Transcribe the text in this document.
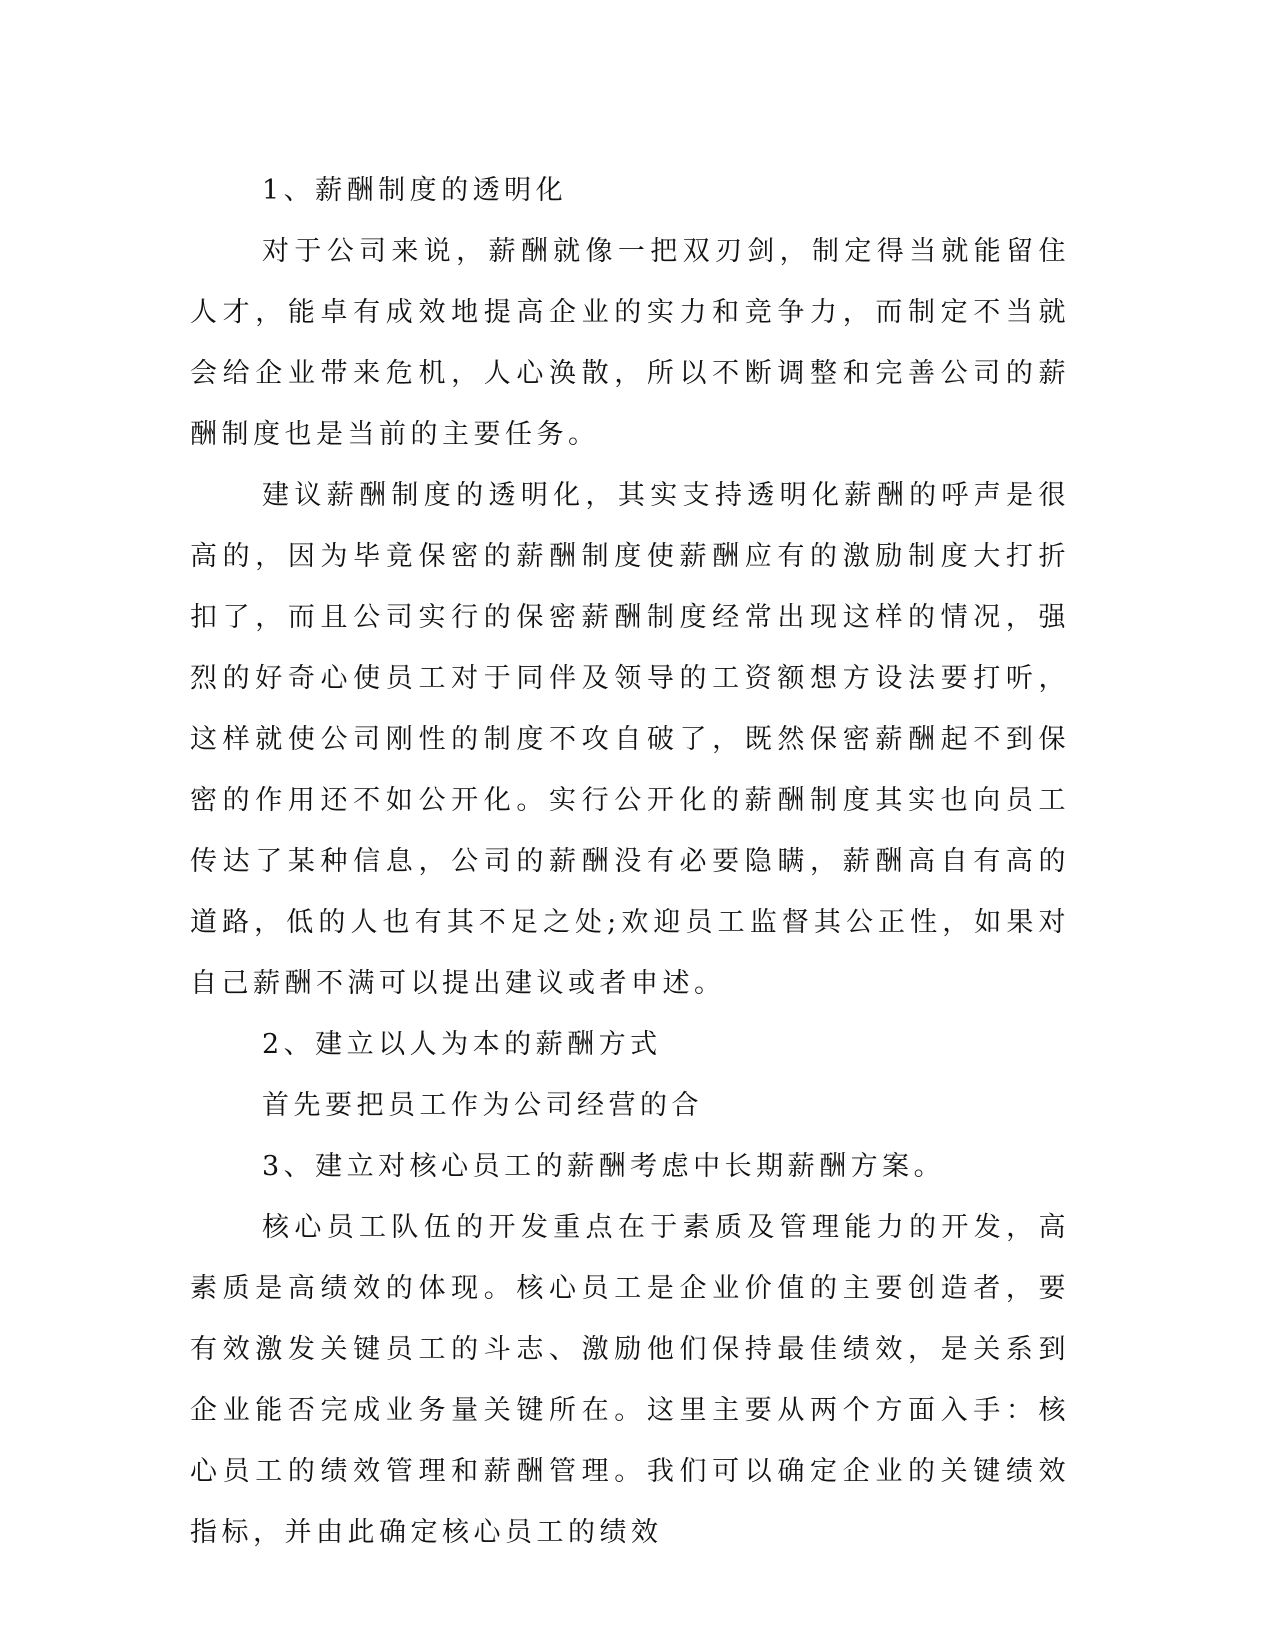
1、薪酬制度的透明化

对于公司来说，薪酬就像一把双刃剑，制定得当就能留住人才，能卓有成效地提高企业的实力和竞争力，而制定不当就会给企业带来危机，人心涣散，所以不断调整和完善公司的薪酬制度也是当前的主要任务。

建议薪酬制度的透明化，其实支持透明化薪酬的呼声是很高的，因为毕竟保密的薪酬制度使薪酬应有的激励制度大打折扣了，而且公司实行的保密薪酬制度经常出现这样的情况，强烈的好奇心使员工对于同伴及领导的工资额想方设法要打听，这样就使公司刚性的制度不攻自破了，既然保密薪酬起不到保密的作用还不如公开化。实行公开化的薪酬制度其实也向员工传达了某种信息，公司的薪酬没有必要隐瞒，薪酬高自有高的道路，低的人也有其不足之处;欢迎员工监督其公正性，如果对自己薪酬不满可以提出建议或者申述。

2、建立以人为本的薪酬方式

首先要把员工作为公司经营的合

3、建立对核心员工的薪酬考虑中长期薪酬方案。

核心员工队伍的开发重点在于素质及管理能力的开发，高素质是高绩效的体现。核心员工是企业价值的主要创造者，要有效激发关键员工的斗志、激励他们保持最佳绩效，是关系到企业能否完成业务量关键所在。这里主要从两个方面入手：核心员工的绩效管理和薪酬管理。我们可以确定企业的关键绩效指标，并由此确定核心员工的绩效
